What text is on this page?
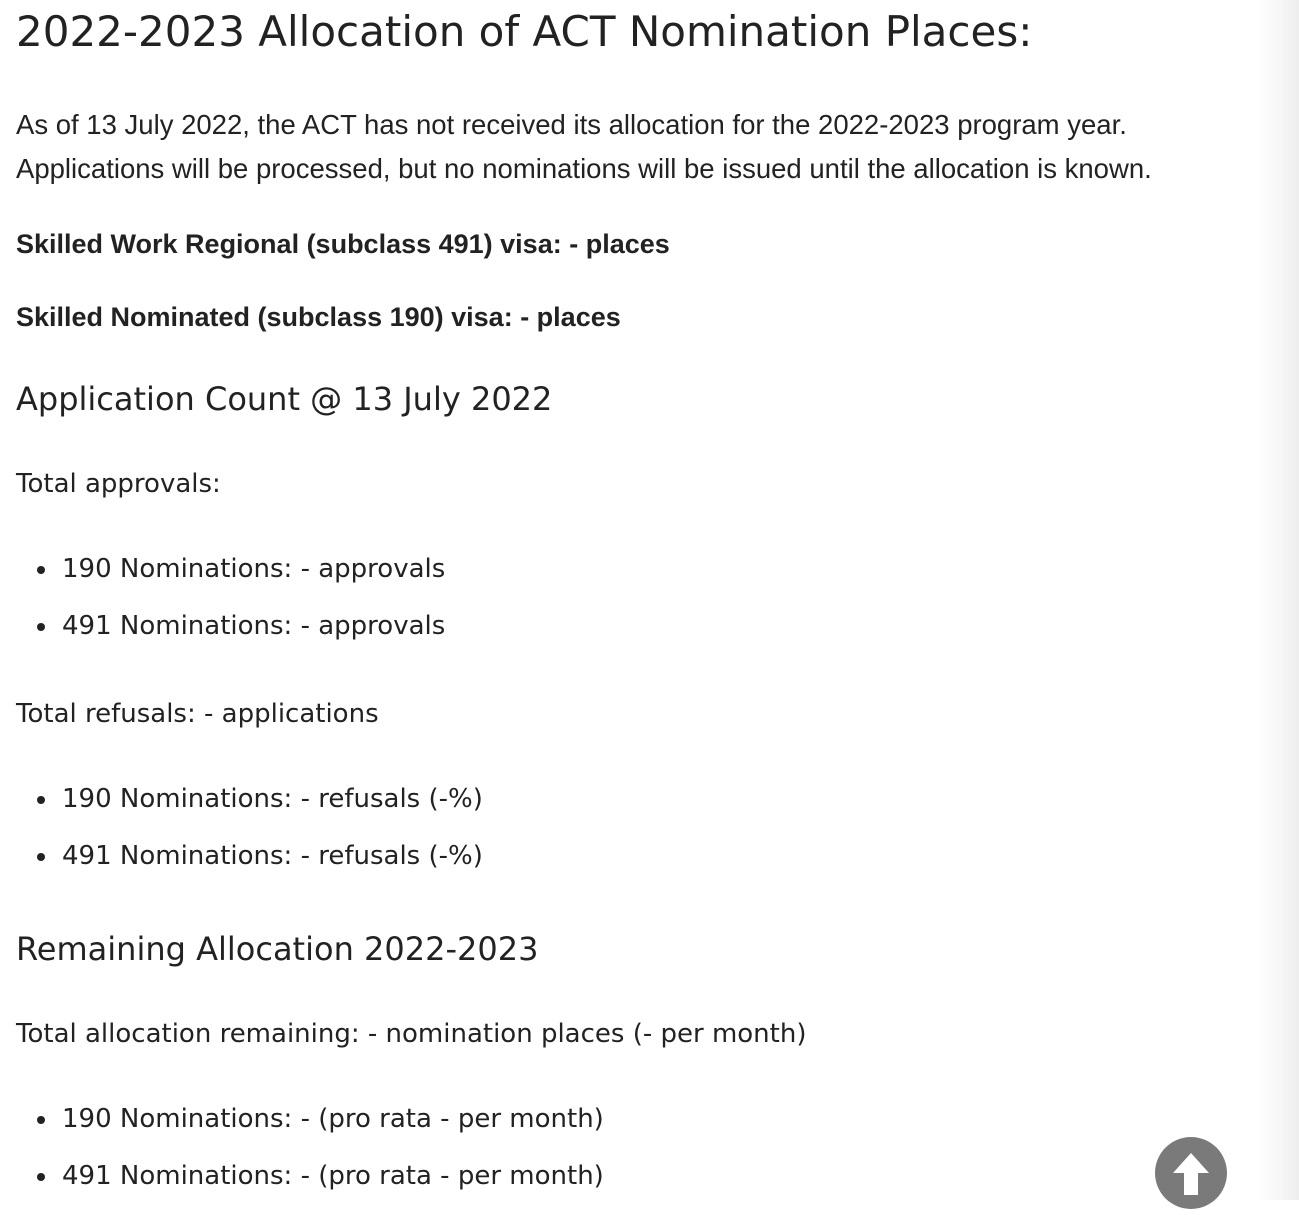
2022-2023 Allocation of ACT Nomination Places:

As of 13 July 2022, the ACT has not received its allocation for the 2022-2023 program year.
Applications will be processed, but no nominations will be issued until the allocation is known.

Skilled Work Regional (subclass 491) visa: - places

Skilled Nominated (subclass 190) visa: - places

Application Count @ 13 July 2022

Total approvals:

190 Nominations: - approvals
491 Nominations: - approvals

Total refusals: - applications

190 Nominations: - refusals (-%)
491 Nominations: - refusals (-%)
Remaining Allocation 2022-2023

Total allocation remaining: - nomination places (- per month)

190 Nominations: - (pro rata - per month)
491 Nominations: - (pro rata - per month)
